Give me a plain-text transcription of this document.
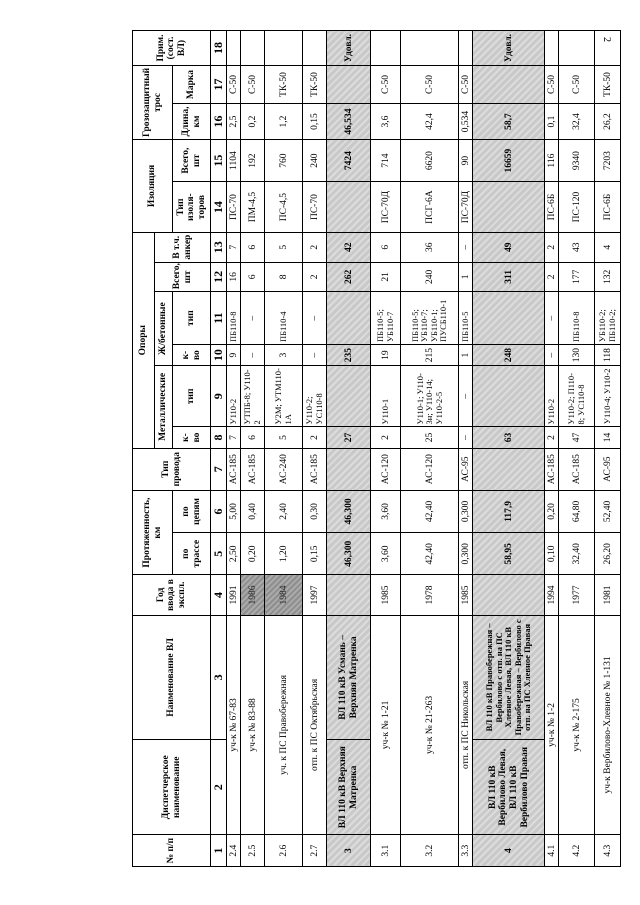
2
№ п/п	Диспетчерское наименование	Наименование ВЛ	Год ввода в экспл.	Протяженность, км		Тип провода	Опоры						Изоляция		Грозозащитный трос		Прим. (сост. ВЛ)
							Металлические		Ж/бетонные		Всего, шт	В т.ч. анкер					
				по трассе	по цепям		к-во	тип	к-во	тип			Тип изоля-торов	Всего, шт	Длина, км	Марка	
1	2	3	4	5	6	7	8	9	10	11	12	13	14	15	16	17	18
2.4	уч-к № 67-83		1991	2,50	5,00	АС-185	7	У110-2	9	ПБ110-8	16	7	ПС-70	1104	2,5	С-50	
2.5	уч-к № 83-88		1986	0,20	0,40	АС-185	6	УТПБ-8; У110-2	–	–	6	6	ПМ-4,5	192	0,2	С-50	
2.6	уч. к ПС Правобережная		1984	1,20	2,40	АС-240	5	У2М; УТМ110-1А	3	ПБ110-4	8	5	ПС-4,5	760	1,2	ТК-50	
2.7	отп. к ПС Октябрьская		1997	0,15	0,30	АС-185	2	У110-2; УС110-8	–	–	2	2	ПС-70	240	0,15	ТК-50	
3	ВЛ 110 кВ Верхняя Матренка	ВЛ 110 кВ Усмань – Верхняя Матренка		46,300	46,300		27		235		262	42		7424	46,534		Удовл.
3.1	уч-к № 1-21		1985	3,60	3,60	АС-120	2	У110-1	19	ПБ110-5; УБ110-7	21	6	ПС-70Д	714	3,6	С-50	
3.2	уч-к № 21-263		1978	42,40	42,40	АС-120	25	У110-1; У110-3н; У110-14; У110-2-5	215	ПБ110-5; УБ110-7; УБ110-1; ПУСБ110-1	240	36	ПСГ-6А	6620	42,4	С-50	
3.3	отп. к ПС Никольская		1985	0,300	0,300	АС-95	–	–	1	ПБ110-5	1	–	ПС-70Д	90	0,534	С-50	
4	ВЛ 110 кВ Вербилово Левая, ВЛ 110 кВ Вербилово Правая	ВЛ 110 кВ Правобережная – Вербилово с отп. на ПС Хлевное Левая, ВЛ 110 кВ Правобережная – Вербилово с отп. на ПС Хлевное Правая		58,95	117,9		63		248		311	49		16659	58,7		Удовл.
4.1	уч-к № 1-2		1994	0,10	0,20	АС-185	2	У110-2	–	–	2	2	ПС-6Б	116	0,1	С-50	
4.2	уч-к № 2-175		1977	32,40	64,80	АС-185	47	У110-2; П110-8; УС110-8	130	ПБ110-8	177	43	ПС-120	9340	32,4	С-50	
4.3	уч-к Вербилово-Хлевное № 1-131		1981	26,20	52,40	АС-95	14	У110-4; У110-2	118	УБ110-2; ПБ110-2;	132	4	ПС-6Б	7203	26,2	ТК-50	
